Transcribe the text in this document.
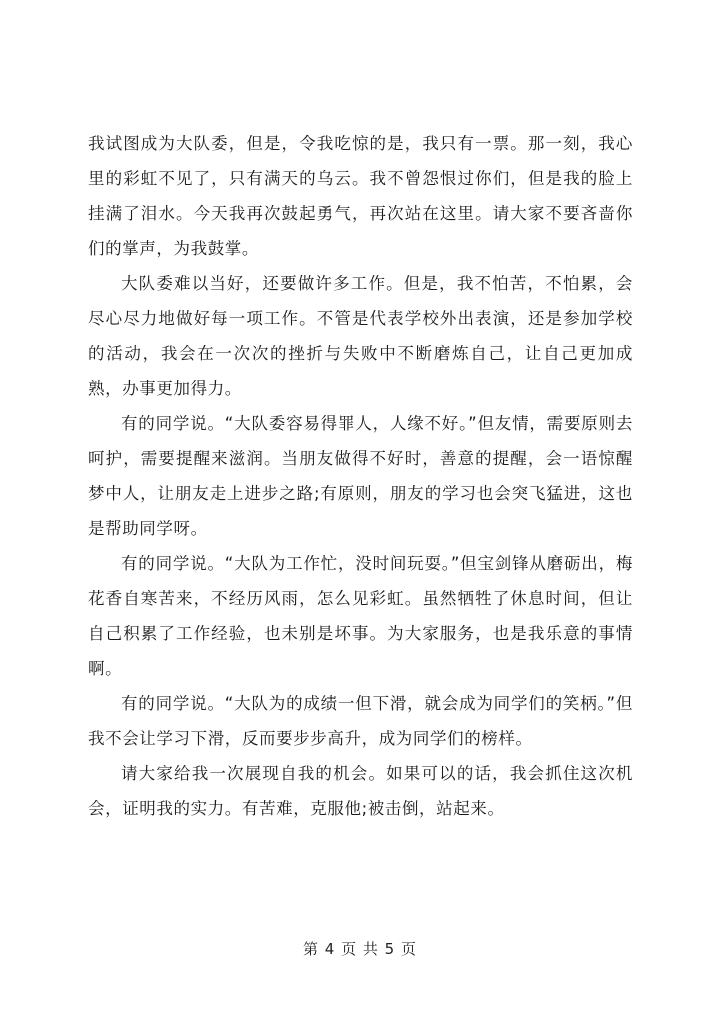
我试图成为大队委，但是，令我吃惊的是，我只有一票。那一刻，我心里的彩虹不见了，只有满天的乌云。我不曾怨恨过你们，但是我的脸上挂满了泪水。今天我再次鼓起勇气，再次站在这里。请大家不要吝啬你们的掌声，为我鼓掌。

大队委难以当好，还要做许多工作。但是，我不怕苦，不怕累，会尽心尽力地做好每一项工作。不管是代表学校外出表演，还是参加学校的活动，我会在一次次的挫折与失败中不断磨炼自己，让自己更加成熟，办事更加得力。

有的同学说。“大队委容易得罪人，人缘不好。”但友情，需要原则去呵护，需要提醒来滋润。当朋友做得不好时，善意的提醒，会一语惊醒梦中人，让朋友走上进步之路;有原则，朋友的学习也会突飞猛进，这也是帮助同学呀。

有的同学说。“大队为工作忙，没时间玩耍。”但宝剑锋从磨砺出，梅花香自寒苦来，不经历风雨，怎么见彩虹。虽然牺牲了休息时间，但让自己积累了工作经验，也未别是坏事。为大家服务，也是我乐意的事情啊。

有的同学说。“大队为的成绩一但下滑，就会成为同学们的笑柄。”但我不会让学习下滑，反而要步步高升，成为同学们的榜样。

请大家给我一次展现自我的机会。如果可以的话，我会抓住这次机会，证明我的实力。有苦难，克服他;被击倒，站起来。

第 4 页 共 5 页
